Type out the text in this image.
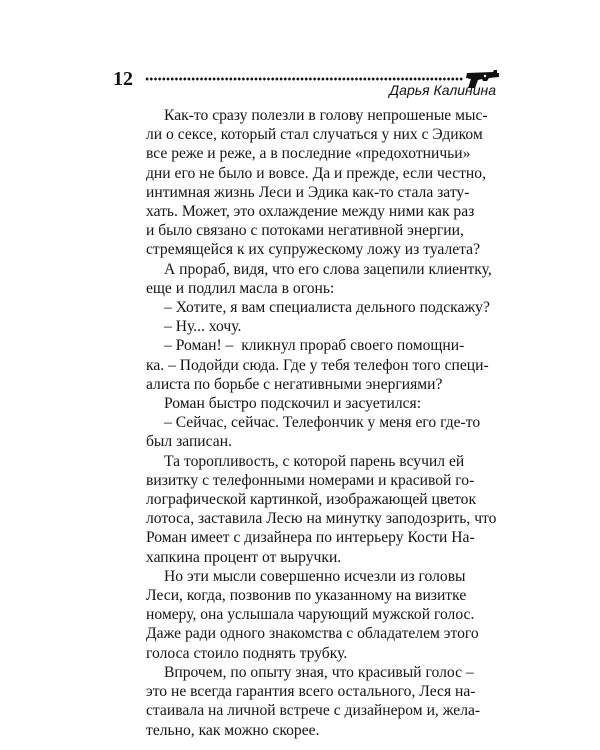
12	Дарья Калинина
Как-то сразу полезли в голову непрошеные мыс-
ли о сексе, который стал случаться у них с Эдиком
все реже и реже, а в последние «предохотничьи»
дни его не было и вовсе. Да и прежде, если честно,
интимная жизнь Леси и Эдика как-то стала зату-
хать. Может, это охлаждение между ними как раз
и было связано с потоками негативной энергии,
стремящейся к их супружескому ложу из туалета?
А прораб, видя, что его слова зацепили клиентку,
еще и подлил масла в огонь:
– Хотите, я вам специалиста дельного подскажу?
– Ну... хочу.
– Роман! –  кликнул прораб своего помощни-
ка. – Подойди сюда. Где у тебя телефон того специ-
алиста по борьбе с негативными энергиями?
Роман быстро подскочил и засуетился:
– Сейчас, сейчас. Телефончик у меня его где-то
был записан.
Та торопливость, с которой парень всучил ей
визитку с телефонными номерами и красивой го-
лографической картинкой, изображающей цветок
лотоса, заставила Лесю на минутку заподозрить, что
Роман имеет с дизайнера по интерьеру Кости На-
хапкина процент от выручки.
Но эти мысли совершенно исчезли из головы
Леси, когда, позвонив по указанному на визитке
номеру, она услышала чарующий мужской голос.
Даже ради одного знакомства с обладателем этого
голоса стоило поднять трубку.
Впрочем, по опыту зная, что красивый голос –
это не всегда гарантия всего остального, Леся на-
стаивала на личной встрече с дизайнером и, жела-
тельно, как можно скорее.
